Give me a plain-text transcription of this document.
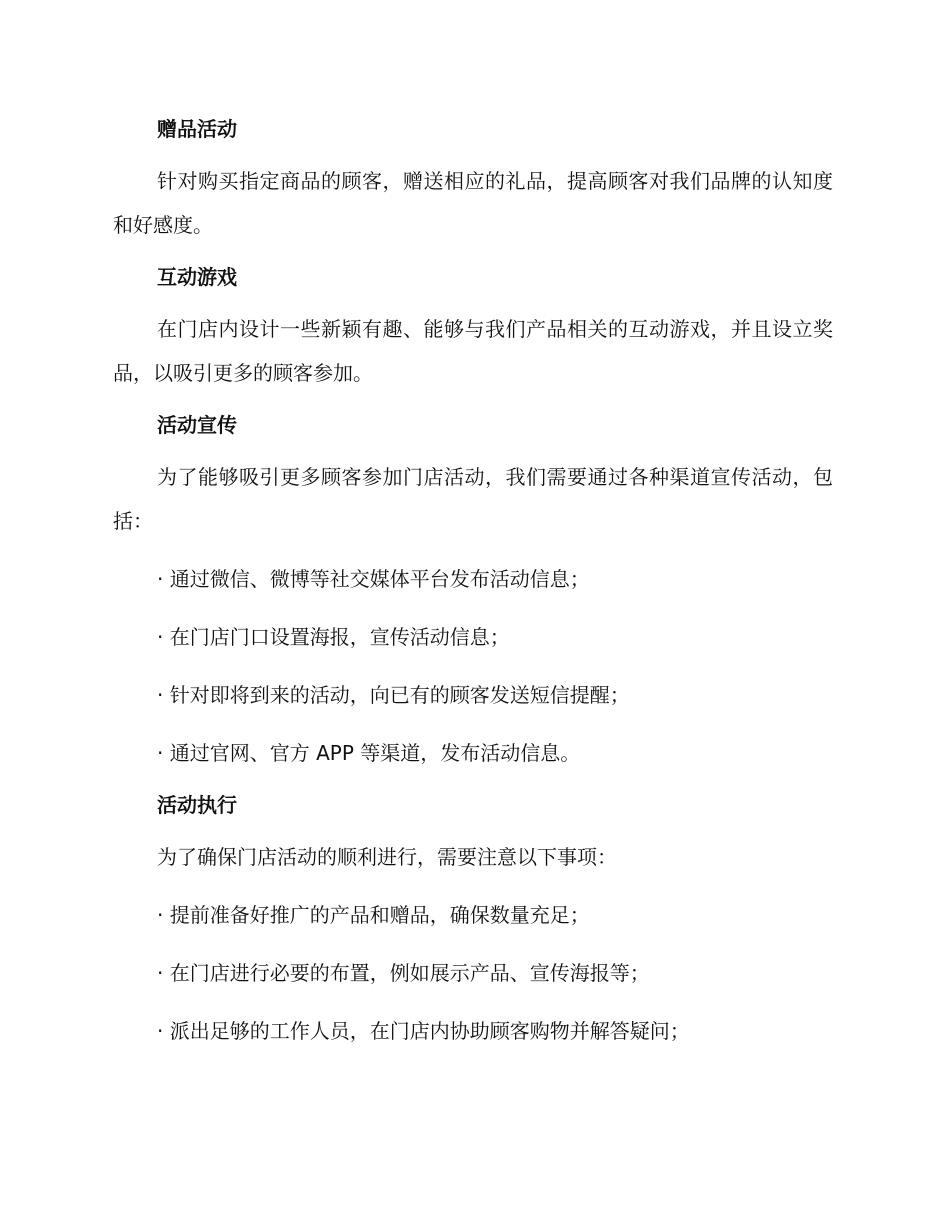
赠品活动

针对购买指定商品的顾客，赠送相应的礼品，提高顾客对我们品牌的认知度和好感度。

互动游戏

在门店内设计一些新颖有趣、能够与我们产品相关的互动游戏，并且设立奖品，以吸引更多的顾客参加。

活动宣传

为了能够吸引更多顾客参加门店活动，我们需要通过各种渠道宣传活动，包括：

· 通过微信、微博等社交媒体平台发布活动信息；

· 在门店门口设置海报，宣传活动信息；

· 针对即将到来的活动，向已有的顾客发送短信提醒；

· 通过官网、官方 APP 等渠道，发布活动信息。

活动执行

为了确保门店活动的顺利进行，需要注意以下事项：

· 提前准备好推广的产品和赠品，确保数量充足；

· 在门店进行必要的布置，例如展示产品、宣传海报等；

· 派出足够的工作人员，在门店内协助顾客购物并解答疑问；
